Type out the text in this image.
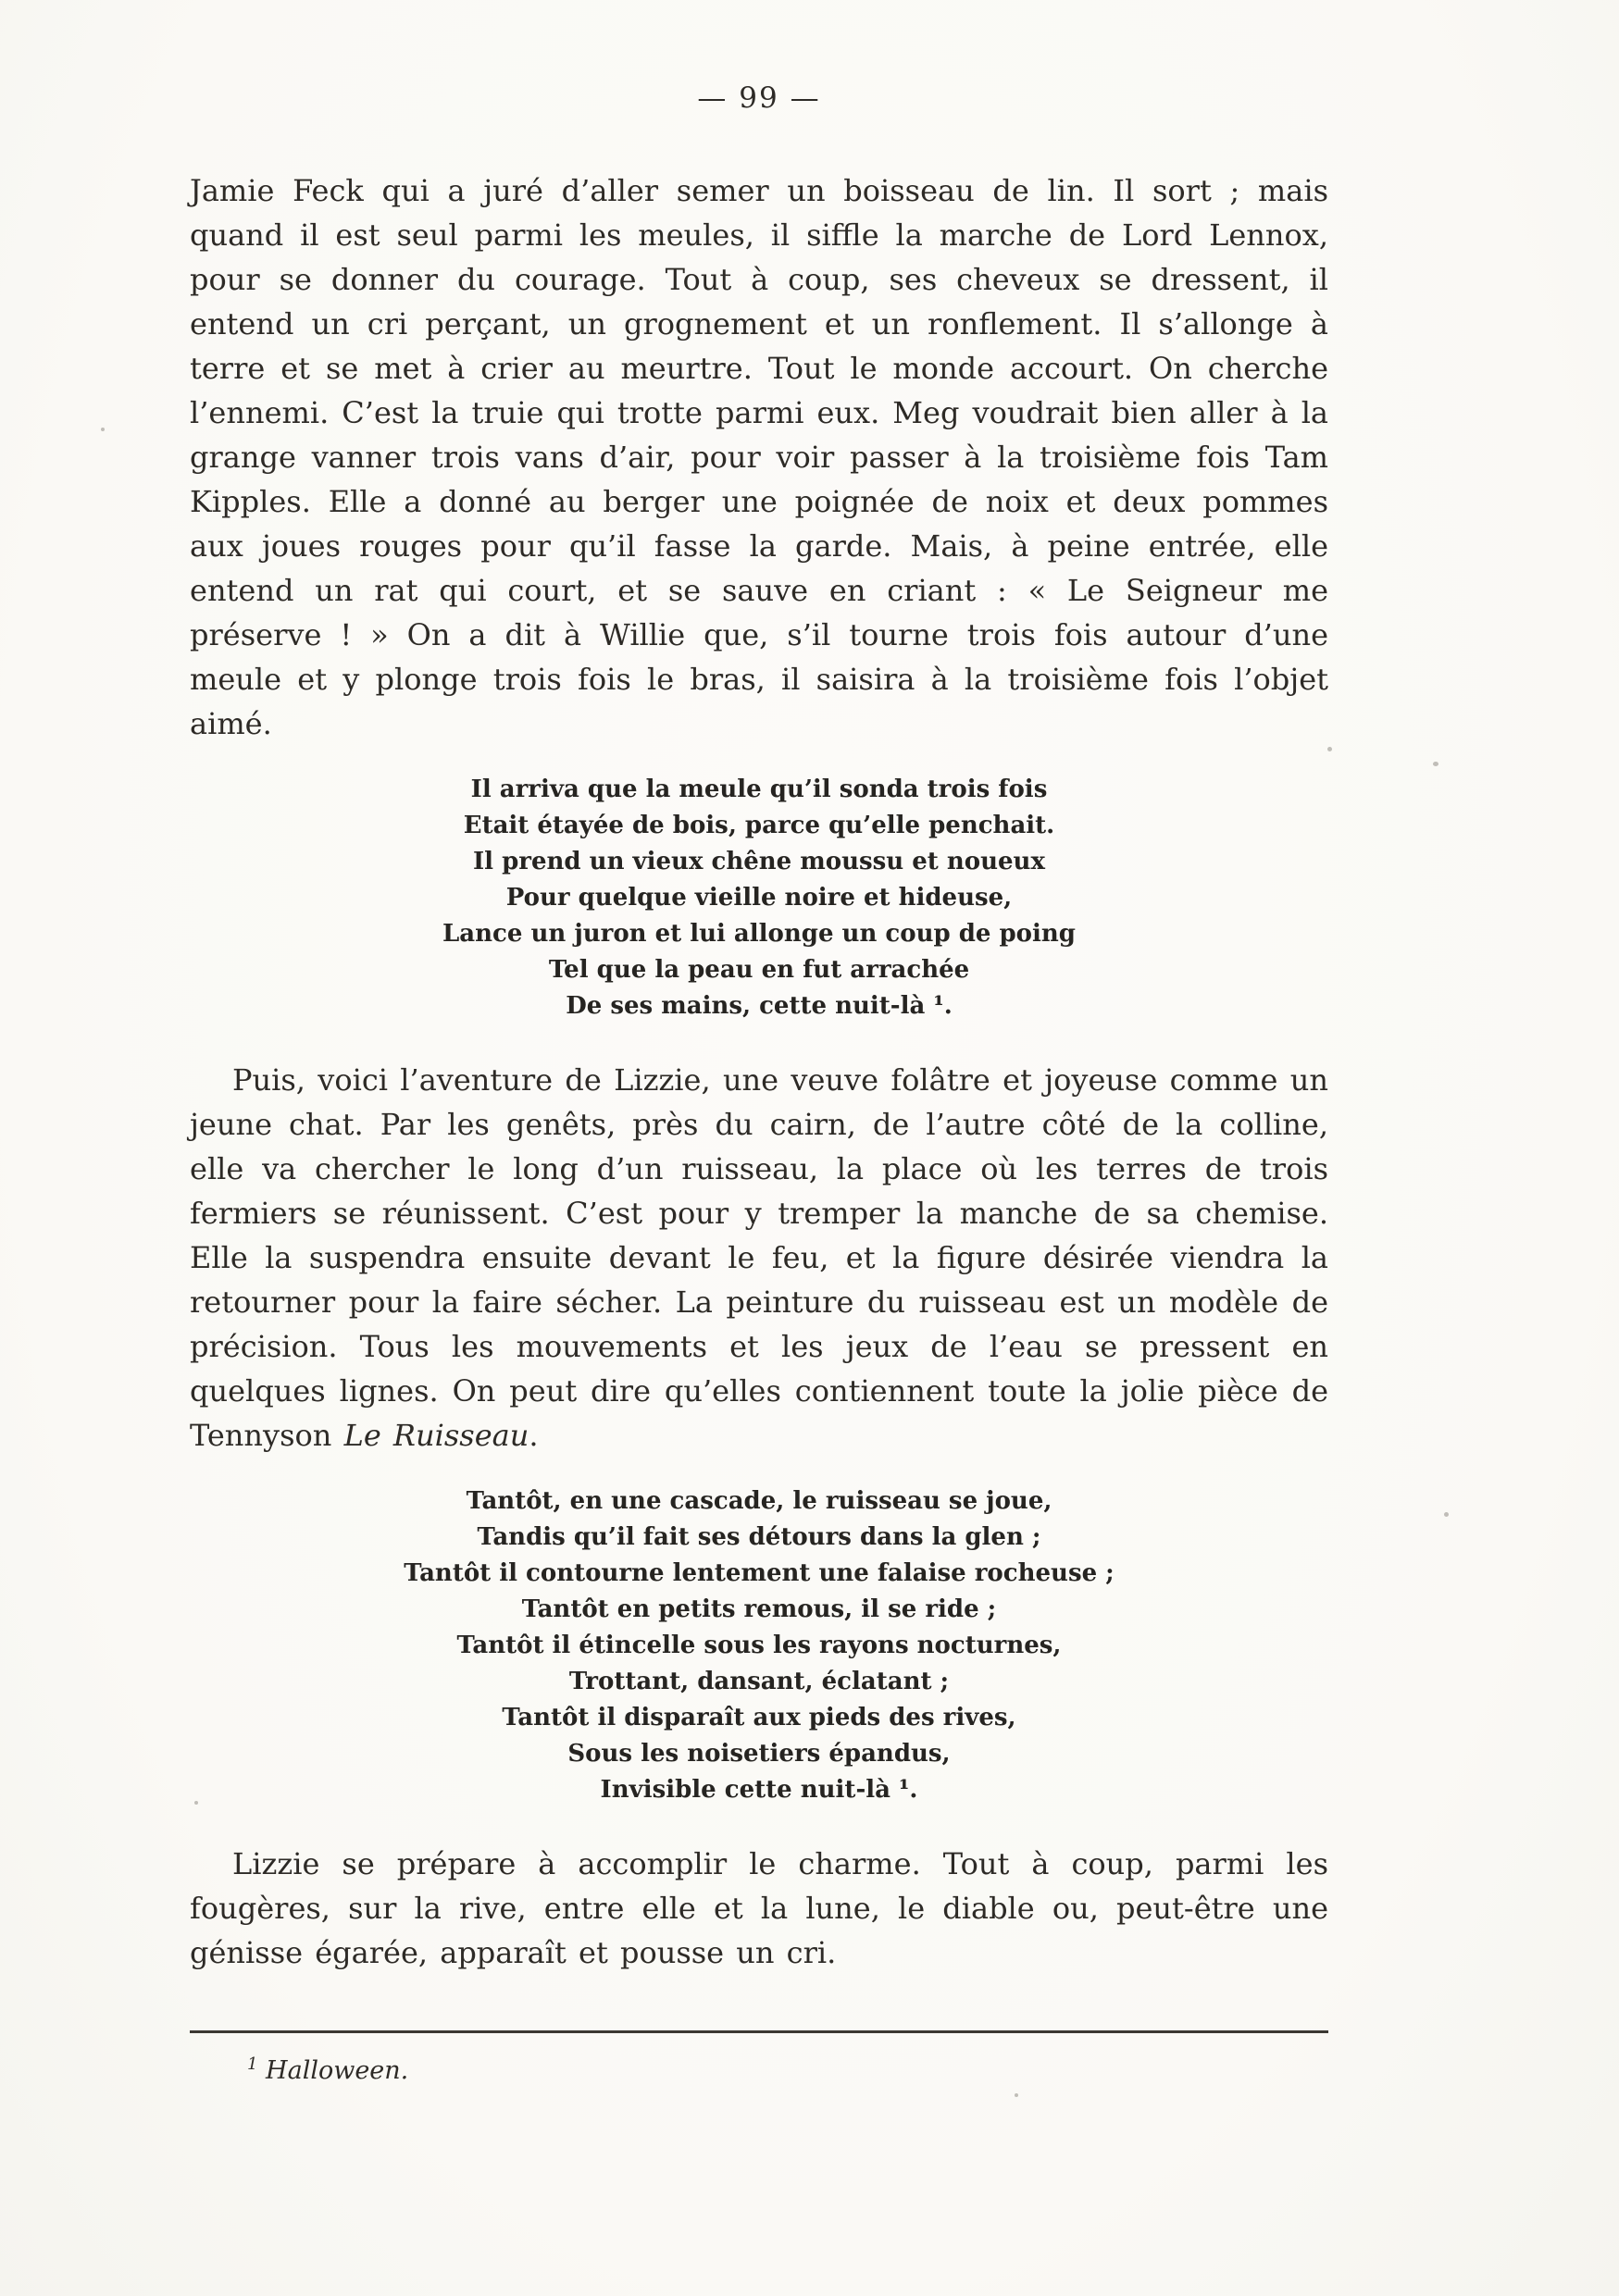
— 99 —

Jamie Feck qui a juré d’aller semer un boisseau de lin. Il sort ; mais quand il est seul parmi les meules, il siffle la marche de Lord Lennox, pour se donner du courage. Tout à coup, ses cheveux se dressent, il entend un cri perçant, un grognement et un ronflement. Il s’allonge à terre et se met à crier au meurtre. Tout le monde accourt. On cherche l’ennemi. C’est la truie qui trotte parmi eux. Meg voudrait bien aller à la grange vanner trois vans d’air, pour voir passer à la troisième fois Tam Kipples. Elle a donné au berger une poignée de noix et deux pommes aux joues rouges pour qu’il fasse la garde. Mais, à peine entrée, elle entend un rat qui court, et se sauve en criant : « Le Seigneur me préserve ! » On a dit à Willie que, s’il tourne trois fois autour d’une meule et y plonge trois fois le bras, il saisira à la troisième fois l’objet aimé.

Il arriva que la meule qu’il sonda trois fois
Etait étayée de bois, parce qu’elle penchait.
Il prend un vieux chêne moussu et noueux
Pour quelque vieille noire et hideuse,
Lance un juron et lui allonge un coup de poing
Tel que la peau en fut arrachée
De ses mains, cette nuit-là ¹.

Puis, voici l’aventure de Lizzie, une veuve folâtre et joyeuse comme un jeune chat. Par les genêts, près du cairn, de l’autre côté de la colline, elle va chercher le long d’un ruisseau, la place où les terres de trois fermiers se réunissent. C’est pour y tremper la manche de sa chemise. Elle la suspendra ensuite devant le feu, et la figure désirée viendra la retourner pour la faire sécher. La peinture du ruisseau est un modèle de précision. Tous les mouvements et les jeux de l’eau se pressent en quelques lignes. On peut dire qu’elles contiennent toute la jolie pièce de Tennyson Le Ruisseau.

Tantôt, en une cascade, le ruisseau se joue,
Tandis qu’il fait ses détours dans la glen ;
Tantôt il contourne lentement une falaise rocheuse ;
Tantôt en petits remous, il se ride ;
Tantôt il étincelle sous les rayons nocturnes,
Trottant, dansant, éclatant ;
Tantôt il disparaît aux pieds des rives,
Sous les noisetiers épandus,
Invisible cette nuit-là ¹.

Lizzie se prépare à accomplir le charme. Tout à coup, parmi les fougères, sur la rive, entre elle et la lune, le diable ou, peut-être une génisse égarée, apparaît et pousse un cri.

$^1$ Halloween.
